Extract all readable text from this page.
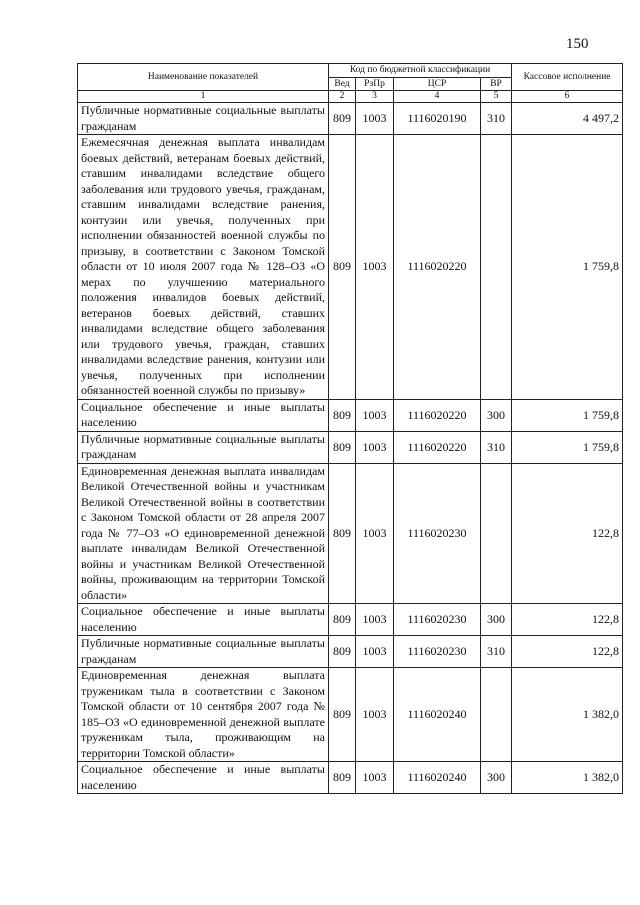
150
Наименование показателей	Код по бюджетной классификации				Кассовое исполнение
	Вед	РзПр	ЦСР	ВР	
1	2	3	4	5	6
Публичные нормативные социальные выплаты гражданам	809	1003	1116020190	310	4 497,2
Ежемесячная денежная выплата инвалидам боевых действий, ветеранам боевых действий, ставшим инвалидами вследствие общего заболевания или трудового увечья, гражданам, ставшим инвалидами вследствие ранения, контузии или увечья, полученных при исполнении обязанностей военной службы по призыву, в соответствии с Законом Томской области от 10 июля 2007 года № 128–ОЗ «О мерах по улучшению материального положения инвалидов боевых действий, ветеранов боевых действий, ставших инвалидами вследствие общего заболевания или трудового увечья, граждан, ставших инвалидами вследствие ранения, контузии или увечья, полученных при исполнении обязанностей военной службы по призыву»	809	1003	1116020220		1 759,8
Социальное обеспечение и иные выплаты населению	809	1003	1116020220	300	1 759,8
Публичные нормативные социальные выплаты гражданам	809	1003	1116020220	310	1 759,8
Единовременная денежная выплата инвалидам Великой Отечественной войны и участникам Великой Отечественной войны в соответствии с Законом Томской области от 28 апреля 2007 года № 77–ОЗ «О единовременной денежной выплате инвалидам Великой Отечественной войны и участникам Великой Отечественной войны, проживающим на территории Томской области»	809	1003	1116020230		122,8
Социальное обеспечение и иные выплаты населению	809	1003	1116020230	300	122,8
Публичные нормативные социальные выплаты гражданам	809	1003	1116020230	310	122,8
Единовременная денежная выплата труженикам тыла в соответствии с Законом Томской области от 10 сентября 2007 года № 185–ОЗ «О единовременной денежной выплате труженикам тыла, проживающим на территории Томской области»	809	1003	1116020240		1 382,0
Социальное обеспечение и иные выплаты населению	809	1003	1116020240	300	1 382,0
